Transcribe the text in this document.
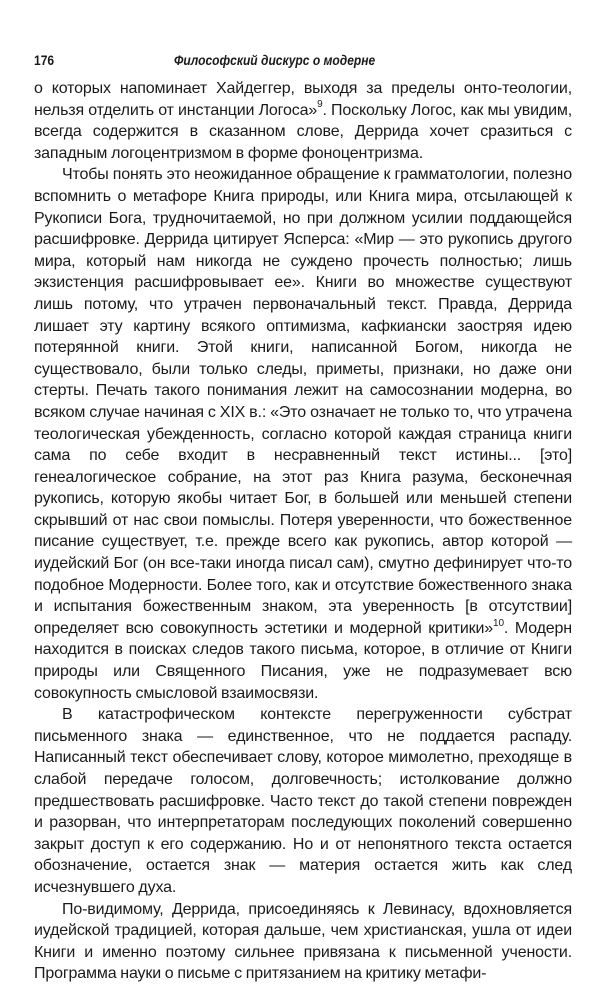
176	Философский дискурс о модерне

о которых напоминает Хайдеггер, выходя за пределы онто-теологии, нельзя отделить от инстанции Логоса»$^9$. Поскольку Логос, как мы увидим, всегда содержится в сказанном слове, Деррида хочет сразиться с западным логоцентризмом в форме фоноцентризма.

Чтобы понять это неожиданное обращение к грамматологии, полезно вспомнить о метафоре Книга природы, или Книга мира, отсылающей к Рукописи Бога, трудночитаемой, но при должном усилии поддающейся расшифровке. Деррида цитирует Ясперса: «Мир — это рукопись другого мира, который нам никогда не суждено прочесть полностью; лишь экзистенция расшифровывает ее». Книги во множестве существуют лишь потому, что утрачен первоначальный текст. Правда, Деррида лишает эту картину всякого оптимизма, кафкиански заостряя идею потерянной книги. Этой книги, написанной Богом, никогда не существовало, были только следы, приметы, признаки, но даже они стерты. Печать такого понимания лежит на самосознании модерна, во всяком случае начиная с XIX в.: «Это означает не только то, что утрачена теологическая убежденность, согласно которой каждая страница книги сама по себе входит в несравненный текст истины... [это] генеалогическое собрание, на этот раз Книга разума, бесконечная рукопись, которую якобы читает Бог, в большей или меньшей степени скрывший от нас свои помыслы. Потеря уверенности, что божественное писание существует, т.е. прежде всего как рукопись, автор которой — иудейский Бог (он все-таки иногда писал сам), смутно дефинирует что-то подобное Модерности. Более того, как и отсутствие божественного знака и испытания божественным знаком, эта уверенность [в отсутствии] определяет всю совокупность эстетики и модерной критики»$^{10}$. Модерн находится в поисках следов такого письма, которое, в отличие от Книги природы или Священного Писания, уже не подразумевает всю совокупность смысловой взаимосвязи.

В катастрофическом контексте перегруженности субстрат письменного знака — единственное, что не поддается распаду. Написанный текст обеспечивает слову, которое мимолетно, преходяще в слабой передаче голосом, долговечность; истолкование должно предшествовать расшифровке. Часто текст до такой степени поврежден и разорван, что интерпретаторам последующих поколений совершенно закрыт доступ к его содержанию. Но и от непонятного текста остается обозначение, остается знак — материя остается жить как след исчезнувшего духа.

По-видимому, Деррида, присоединяясь к Левинасу, вдохновляется иудейской традицией, которая дальше, чем христианская, ушла от идеи Книги и именно поэтому сильнее привязана к письменной учености. Программа науки о письме с притязанием на критику метафи-
